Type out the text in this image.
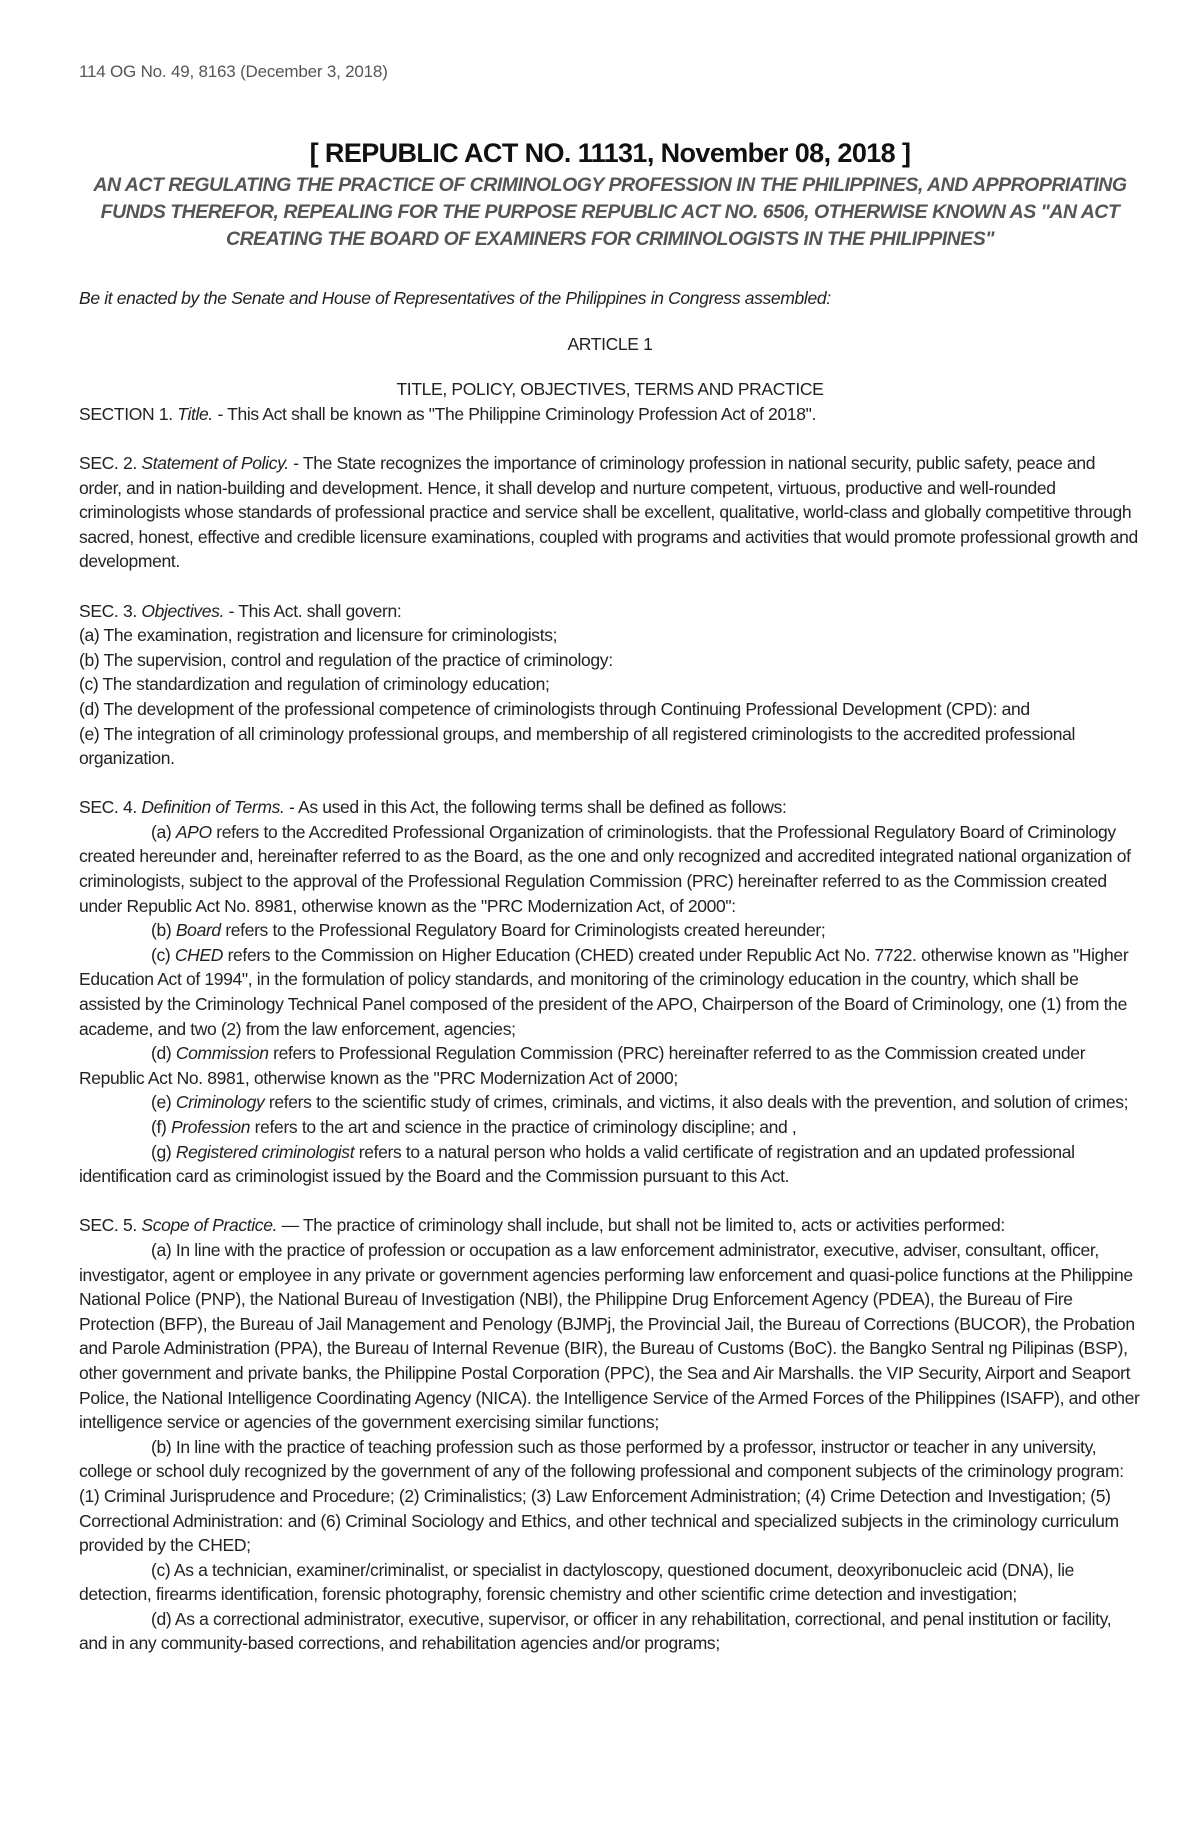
114 OG No. 49, 8163 (December 3, 2018)
[ REPUBLIC ACT NO. 11131, November 08, 2018 ]
AN ACT REGULATING THE PRACTICE OF CRIMINOLOGY PROFESSION IN THE PHILIPPINES, AND APPROPRIATING FUNDS THEREFOR, REPEALING FOR THE PURPOSE REPUBLIC ACT NO. 6506, OTHERWISE KNOWN AS "AN ACT CREATING THE BOARD OF EXAMINERS FOR CRIMINOLOGISTS IN THE PHILIPPINES"

Be it enacted by the Senate and House of Representatives of the Philippines in Congress assembled:

ARTICLE 1

TITLE, POLICY, OBJECTIVES, TERMS AND PRACTICE

SECTION 1. Title. - This Act shall be known as "The Philippine Criminology Profession Act of 2018".

SEC. 2. Statement of Policy. - The State recognizes the importance of criminology profession in national security, public safety, peace and order, and in nation-building and development. Hence, it shall develop and nurture competent, virtuous, productive and well-rounded criminologists whose standards of professional practice and service shall be excellent, qualitative, world-class and globally competitive through sacred, honest, effective and credible licensure examinations, coupled with programs and activities that would promote professional growth and development.

SEC. 3. Objectives. - This Act. shall govern:

(a) The examination, registration and licensure for criminologists;

(b) The supervision, control and regulation of the practice of criminology:

(c) The standardization and regulation of criminology education;

(d) The development of the professional competence of criminologists through Continuing Professional Development (CPD): and

(e) The integration of all criminology professional groups, and membership of all registered criminologists to the accredited professional organization.

SEC. 4. Definition of Terms. - As used in this Act, the following terms shall be defined as follows:

(a) APO refers to the Accredited Professional Organization of criminologists. that the Professional Regulatory Board of Criminology created hereunder and, hereinafter referred to as the Board, as the one and only recognized and accredited integrated national organization of criminologists, subject to the approval of the Professional Regulation Commission (PRC) hereinafter referred to as the Commission created under Republic Act No. 8981, otherwise known as the "PRC Modernization Act, of 2000":

(b) Board refers to the Professional Regulatory Board for Criminologists created hereunder;

(c) CHED refers to the Commission on Higher Education (CHED) created under Republic Act No. 7722. otherwise known as "Higher Education Act of 1994", in the formulation of policy standards, and monitoring of the criminology education in the country, which shall be assisted by the Criminology Technical Panel composed of the president of the APO, Chairperson of the Board of Criminology, one (1) from the academe, and two (2) from the law enforcement, agencies;

(d) Commission refers to Professional Regulation Commission (PRC) hereinafter referred to as the Commission created under Republic Act No. 8981, otherwise known as the "PRC Modernization Act of 2000;

(e) Criminology refers to the scientific study of crimes, criminals, and victims, it also deals with the prevention, and solution of crimes;

(f) Profession refers to the art and science in the practice of criminology discipline; and ,

(g) Registered criminologist refers to a natural person who holds a valid certificate of registration and an updated professional identification card as criminologist issued by the Board and the Commission pursuant to this Act.

SEC. 5. Scope of Practice. — The practice of criminology shall include, but shall not be limited to, acts or activities performed:

(a) In line with the practice of profession or occupation as a law enforcement administrator, executive, adviser, consultant, officer, investigator, agent or employee in any private or government agencies performing law enforcement and quasi-police functions at the Philippine National Police (PNP), the National Bureau of Investigation (NBI), the Philippine Drug Enforcement Agency (PDEA), the Bureau of Fire Protection (BFP), the Bureau of Jail Management and Penology (BJMPj, the Provincial Jail, the Bureau of Corrections (BUCOR), the Probation and Parole Administration (PPA), the Bureau of Internal Revenue (BIR), the Bureau of Customs (BoC). the Bangko Sentral ng Pilipinas (BSP), other government and private banks, the Philippine Postal Corporation (PPC), the Sea and Air Marshalls. the VIP Security, Airport and Seaport Police, the National Intelligence Coordinating Agency (NICA). the Intelligence Service of the Armed Forces of the Philippines (ISAFP), and other intelligence service or agencies of the government exercising similar functions;

(b) In line with the practice of teaching profession such as those performed by a professor, instructor or teacher in any university, college or school duly recognized by the government of any of the following professional and component subjects of the criminology program: (1) Criminal Jurisprudence and Procedure; (2) Criminalistics; (3) Law Enforcement Administration; (4) Crime Detection and Investigation; (5) Correctional Administration: and (6) Criminal Sociology and Ethics, and other technical and specialized subjects in the criminology curriculum provided by the CHED;

(c) As a technician, examiner/criminalist, or specialist in dactyloscopy, questioned document, deoxyribonucleic acid (DNA), lie detection, firearms identification, forensic photography, forensic chemistry and other scientific crime detection and investigation;

(d) As a correctional administrator, executive, supervisor, or officer in any rehabilitation, correctional, and penal institution or facility, and in any community-based corrections, and rehabilitation agencies and/or programs;
